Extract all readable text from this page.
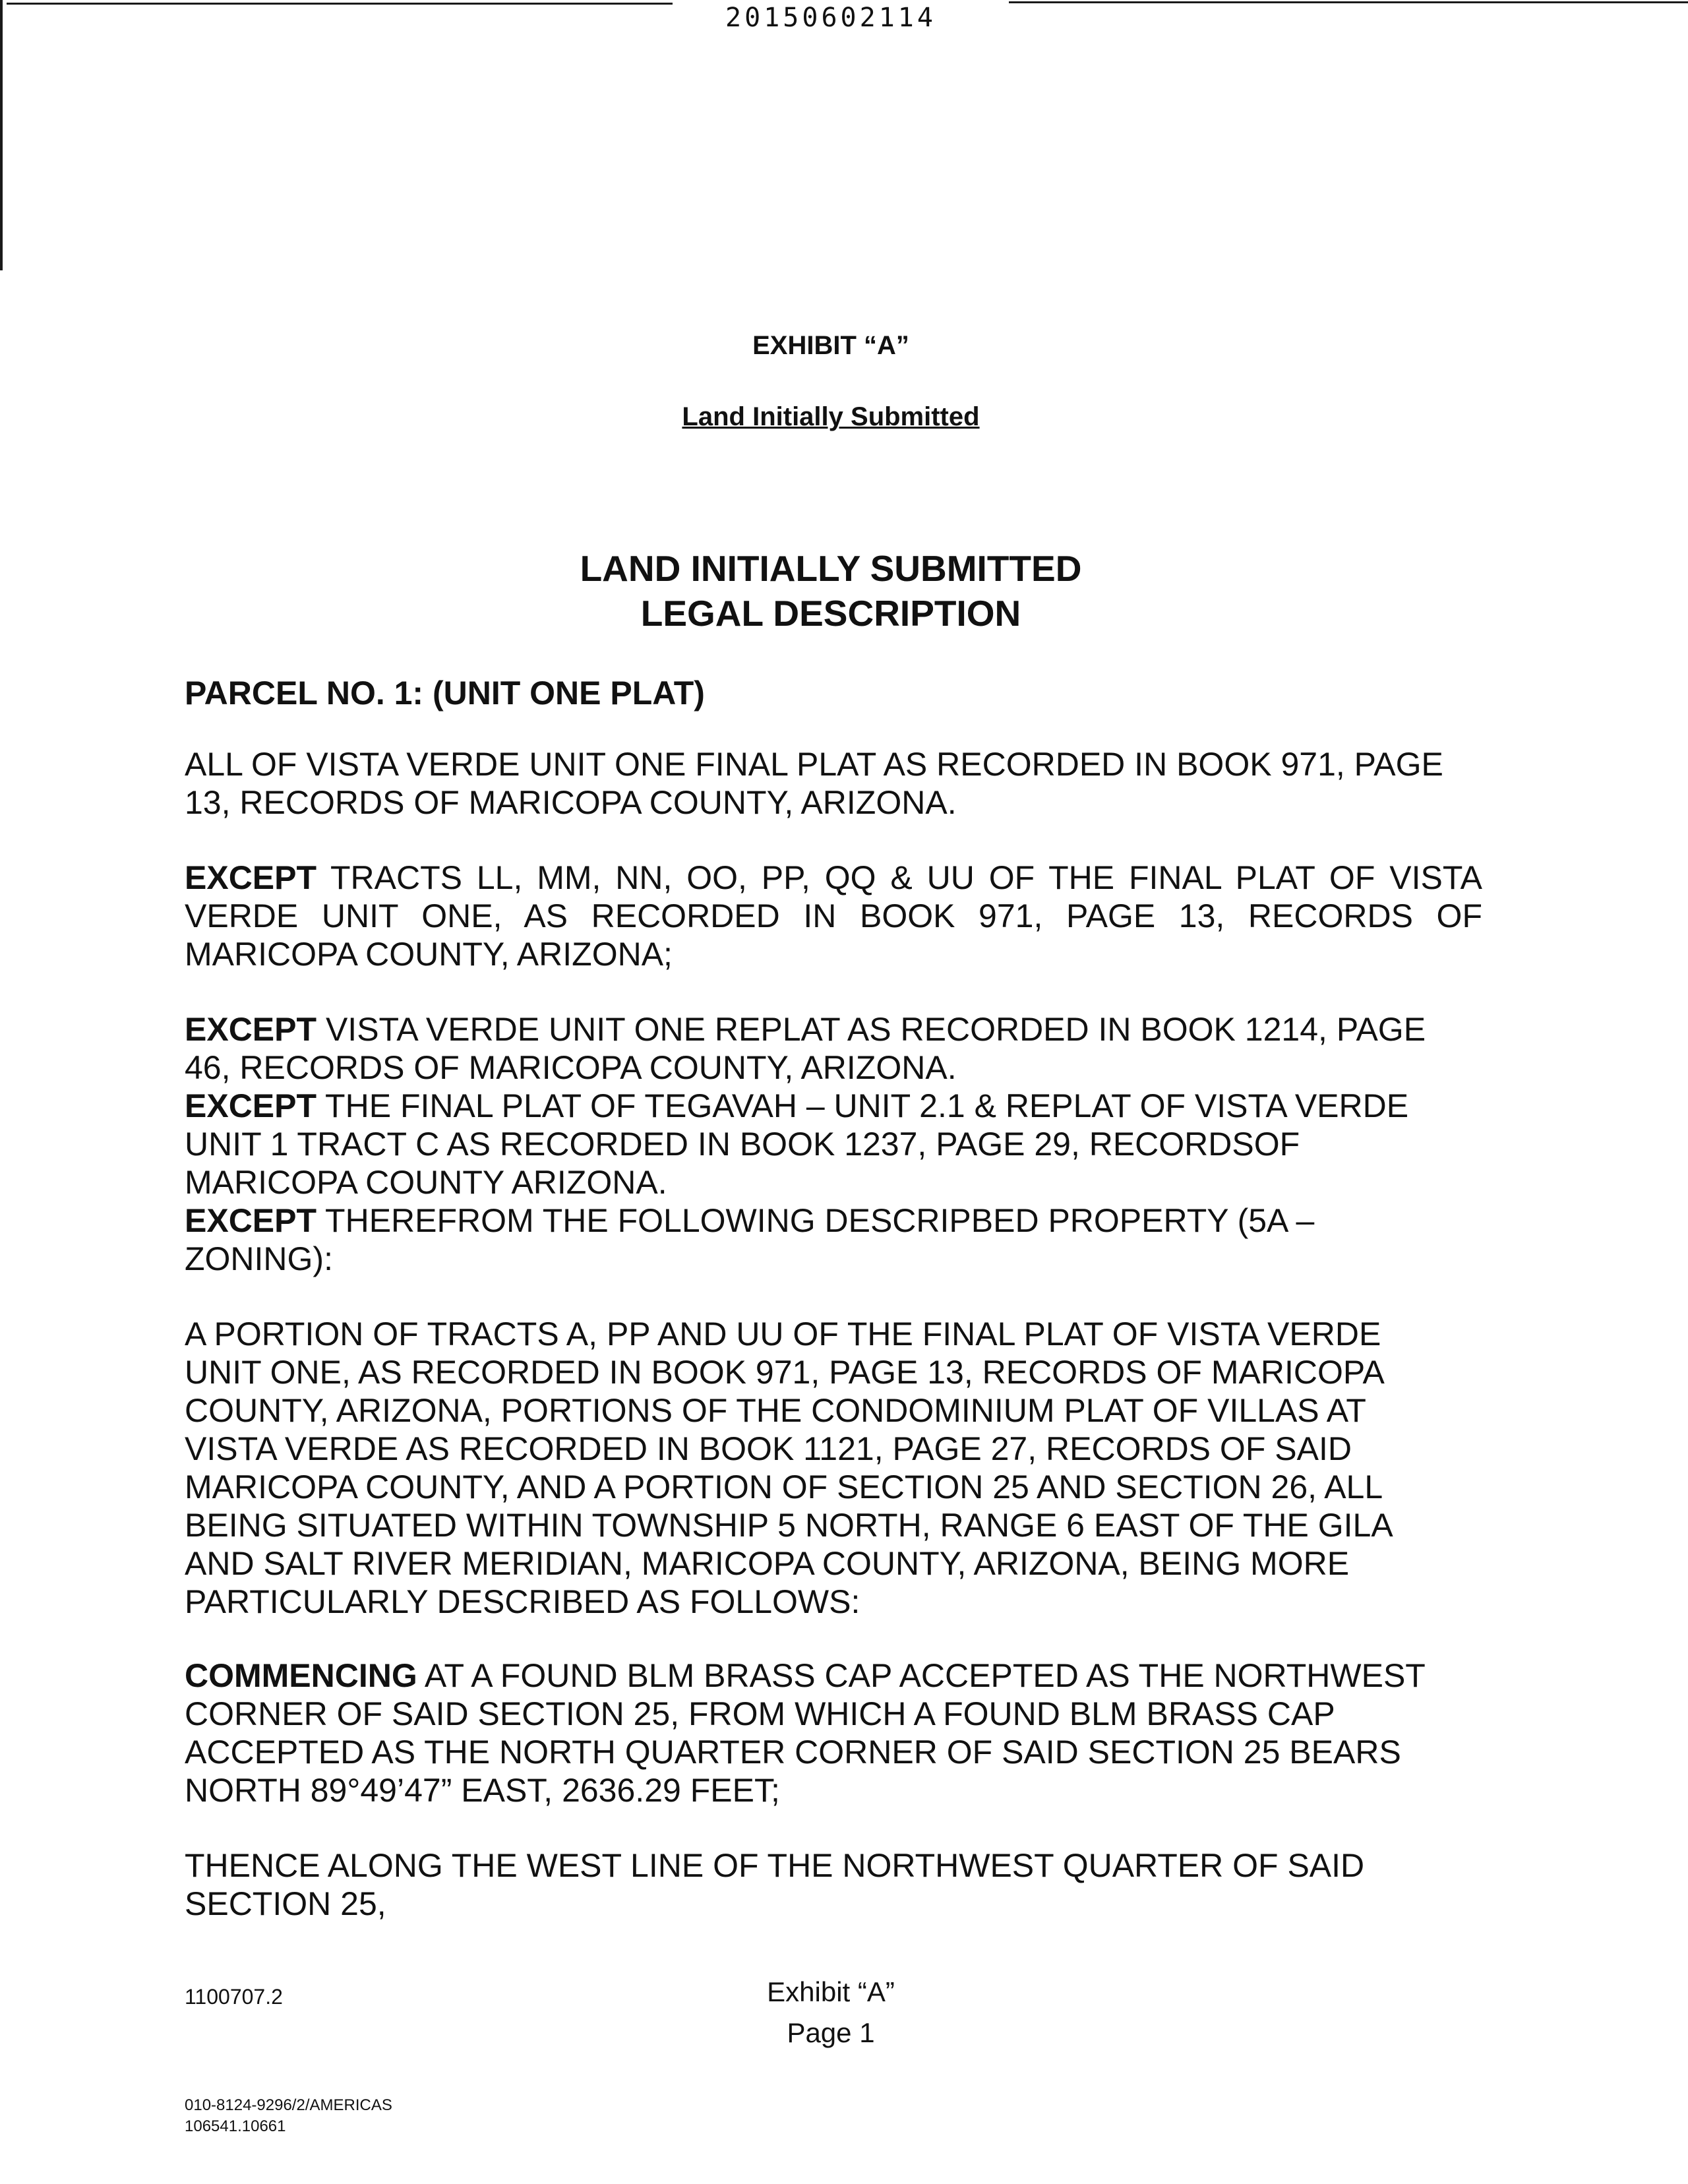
20150602114
EXHIBIT “A”
Land Initially Submitted
LAND INITIALLY SUBMITTED
LEGAL DESCRIPTION
PARCEL NO. 1: (UNIT ONE PLAT)
ALL OF VISTA VERDE UNIT ONE FINAL PLAT AS RECORDED IN BOOK 971, PAGE
13, RECORDS OF MARICOPA COUNTY, ARIZONA.
EXCEPT TRACTS LL, MM, NN, OO, PP, QQ & UU OF THE FINAL PLAT OF VISTA
VERDE UNIT ONE, AS RECORDED IN BOOK 971, PAGE 13, RECORDS OF
MARICOPA COUNTY, ARIZONA;
EXCEPT VISTA VERDE UNIT ONE REPLAT AS RECORDED IN BOOK 1214, PAGE
46, RECORDS OF MARICOPA COUNTY, ARIZONA.
EXCEPT THE FINAL PLAT OF TEGAVAH – UNIT 2.1 & REPLAT OF VISTA VERDE
UNIT 1 TRACT C AS RECORDED IN BOOK 1237, PAGE 29, RECORDSOF
MARICOPA COUNTY ARIZONA.
EXCEPT THEREFROM THE FOLLOWING DESCRIPBED PROPERTY (5A –
ZONING):
A PORTION OF TRACTS A, PP AND UU OF THE FINAL PLAT OF VISTA VERDE
UNIT ONE, AS RECORDED IN BOOK 971, PAGE 13, RECORDS OF MARICOPA
COUNTY, ARIZONA, PORTIONS OF THE CONDOMINIUM PLAT OF VILLAS AT
VISTA VERDE AS RECORDED IN BOOK 1121, PAGE 27, RECORDS OF SAID
MARICOPA COUNTY, AND A PORTION OF SECTION 25 AND SECTION 26, ALL
BEING SITUATED WITHIN TOWNSHIP 5 NORTH, RANGE 6 EAST OF THE GILA
AND SALT RIVER MERIDIAN, MARICOPA COUNTY, ARIZONA, BEING MORE
PARTICULARLY DESCRIBED AS FOLLOWS:
COMMENCING AT A FOUND BLM BRASS CAP ACCEPTED AS THE NORTHWEST
CORNER OF SAID SECTION 25, FROM WHICH A FOUND BLM BRASS CAP
ACCEPTED AS THE NORTH QUARTER CORNER OF SAID SECTION 25 BEARS
NORTH 89°49’47” EAST, 2636.29 FEET;
THENCE ALONG THE WEST LINE OF THE NORTHWEST QUARTER OF SAID
SECTION 25,
1100707.2	Exhibit “A”
Page 1
010-8124-9296/2/AMERICAS
106541.10661
